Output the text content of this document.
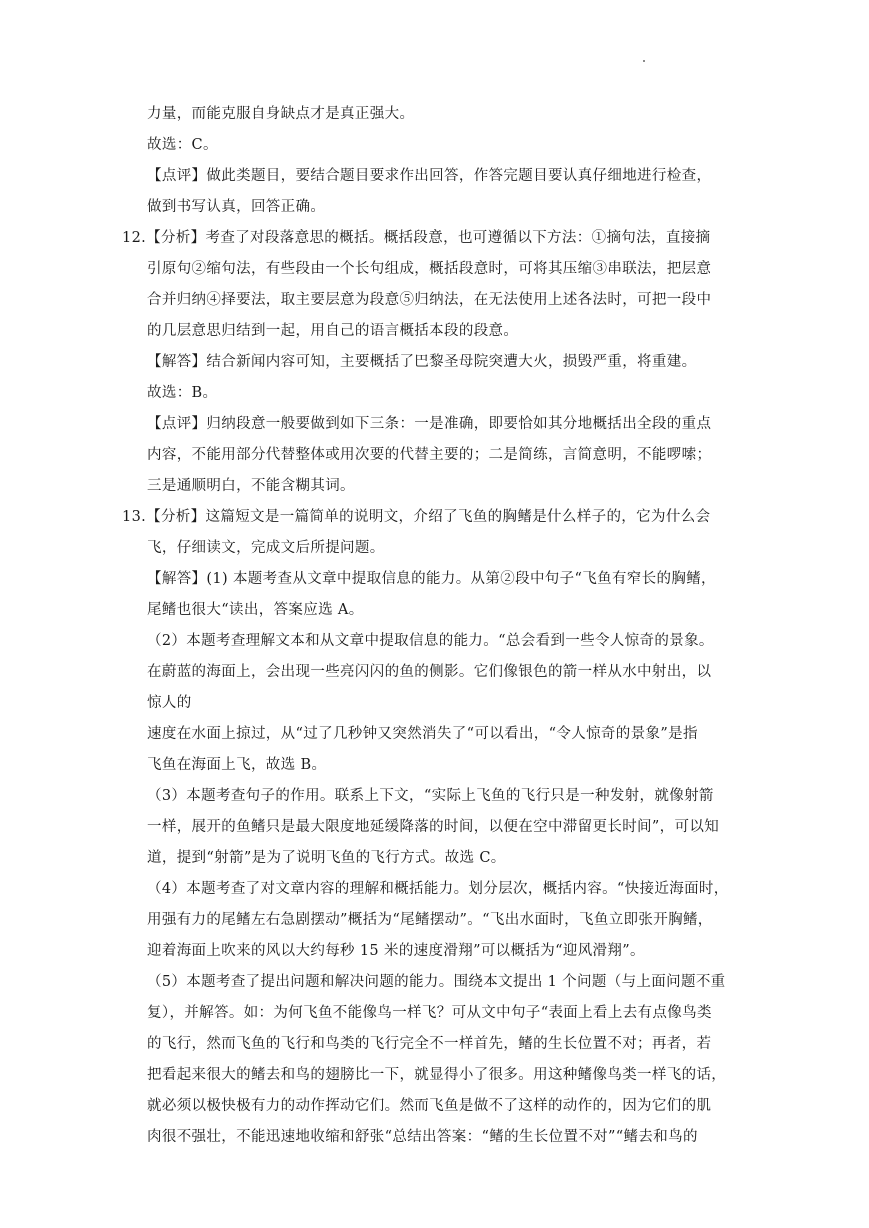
力量，而能克服自身缺点才是真正强大。
故选：C。
【点评】做此类题目，要结合题目要求作出回答，作答完题目要认真仔细地进行检查，
做到书写认真，回答正确。
12.【分析】考查了对段落意思的概括。概括段意，也可遵循以下方法：①摘句法，直接摘
引原句②缩句法，有些段由一个长句组成，概括段意时，可将其压缩③串联法，把层意
合并归纳④择要法，取主要层意为段意⑤归纳法，在无法使用上述各法时，可把一段中
的几层意思归结到一起，用自己的语言概括本段的段意。
【解答】结合新闻内容可知，主要概括了巴黎圣母院突遭大火，损毁严重，将重建。
故选：B。
【点评】归纳段意一般要做到如下三条：一是准确，即要恰如其分地概括出全段的重点
内容，不能用部分代替整体或用次要的代替主要的；二是简练，言简意明，不能啰嗦；
三是通顺明白，不能含糊其词。
13.【分析】这篇短文是一篇简单的说明文，介绍了飞鱼的胸鳍是什么样子的，它为什么会
飞，仔细读文，完成文后所提问题。
【解答】(1) 本题考查从文章中提取信息的能力。从第②段中句子“飞鱼有窄长的胸鳍，
尾鳍也很大“读出，答案应选 A。
（2）本题考查理解文本和从文章中提取信息的能力。“总会看到一些令人惊奇的景象。
在蔚蓝的海面上，会出现一些亮闪闪的鱼的侧影。它们像银色的箭一样从水中射出，以
惊人的
速度在水面上掠过，从“过了几秒钟又突然消失了“可以看出，“令人惊奇的景象”是指
飞鱼在海面上飞，故选 B。
（3）本题考查句子的作用。联系上下文，“实际上飞鱼的飞行只是一种发射，就像射箭
一样，展开的鱼鳍只是最大限度地延缓降落的时间，以便在空中滞留更长时间”，可以知
道，提到“射箭”是为了说明飞鱼的飞行方式。故选 C。
（4）本题考查了对文章内容的理解和概括能力。划分层次，概括内容。“快接近海面时，
用强有力的尾鳍左右急剧摆动”概括为“尾鳍摆动”。“飞出水面时，飞鱼立即张开胸鳍，
迎着海面上吹来的风以大约每秒 15 米的速度滑翔”可以概括为“迎风滑翔”。
（5）本题考查了提出问题和解决问题的能力。围绕本文提出 1 个问题（与上面问题不重
复），并解答。如：为何飞鱼不能像鸟一样飞？可从文中句子“表面上看上去有点像鸟类
的飞行，然而飞鱼的飞行和鸟类的飞行完全不一样首先，鳍的生长位置不对；再者，若
把看起来很大的鳍去和鸟的翅膀比一下，就显得小了很多。用这种鳍像鸟类一样飞的话，
就必须以极快极有力的动作挥动它们。然而飞鱼是做不了这样的动作的，因为它们的肌
肉很不强壮，不能迅速地收缩和舒张“总结出答案：“鳍的生长位置不对”“鳍去和鸟的
